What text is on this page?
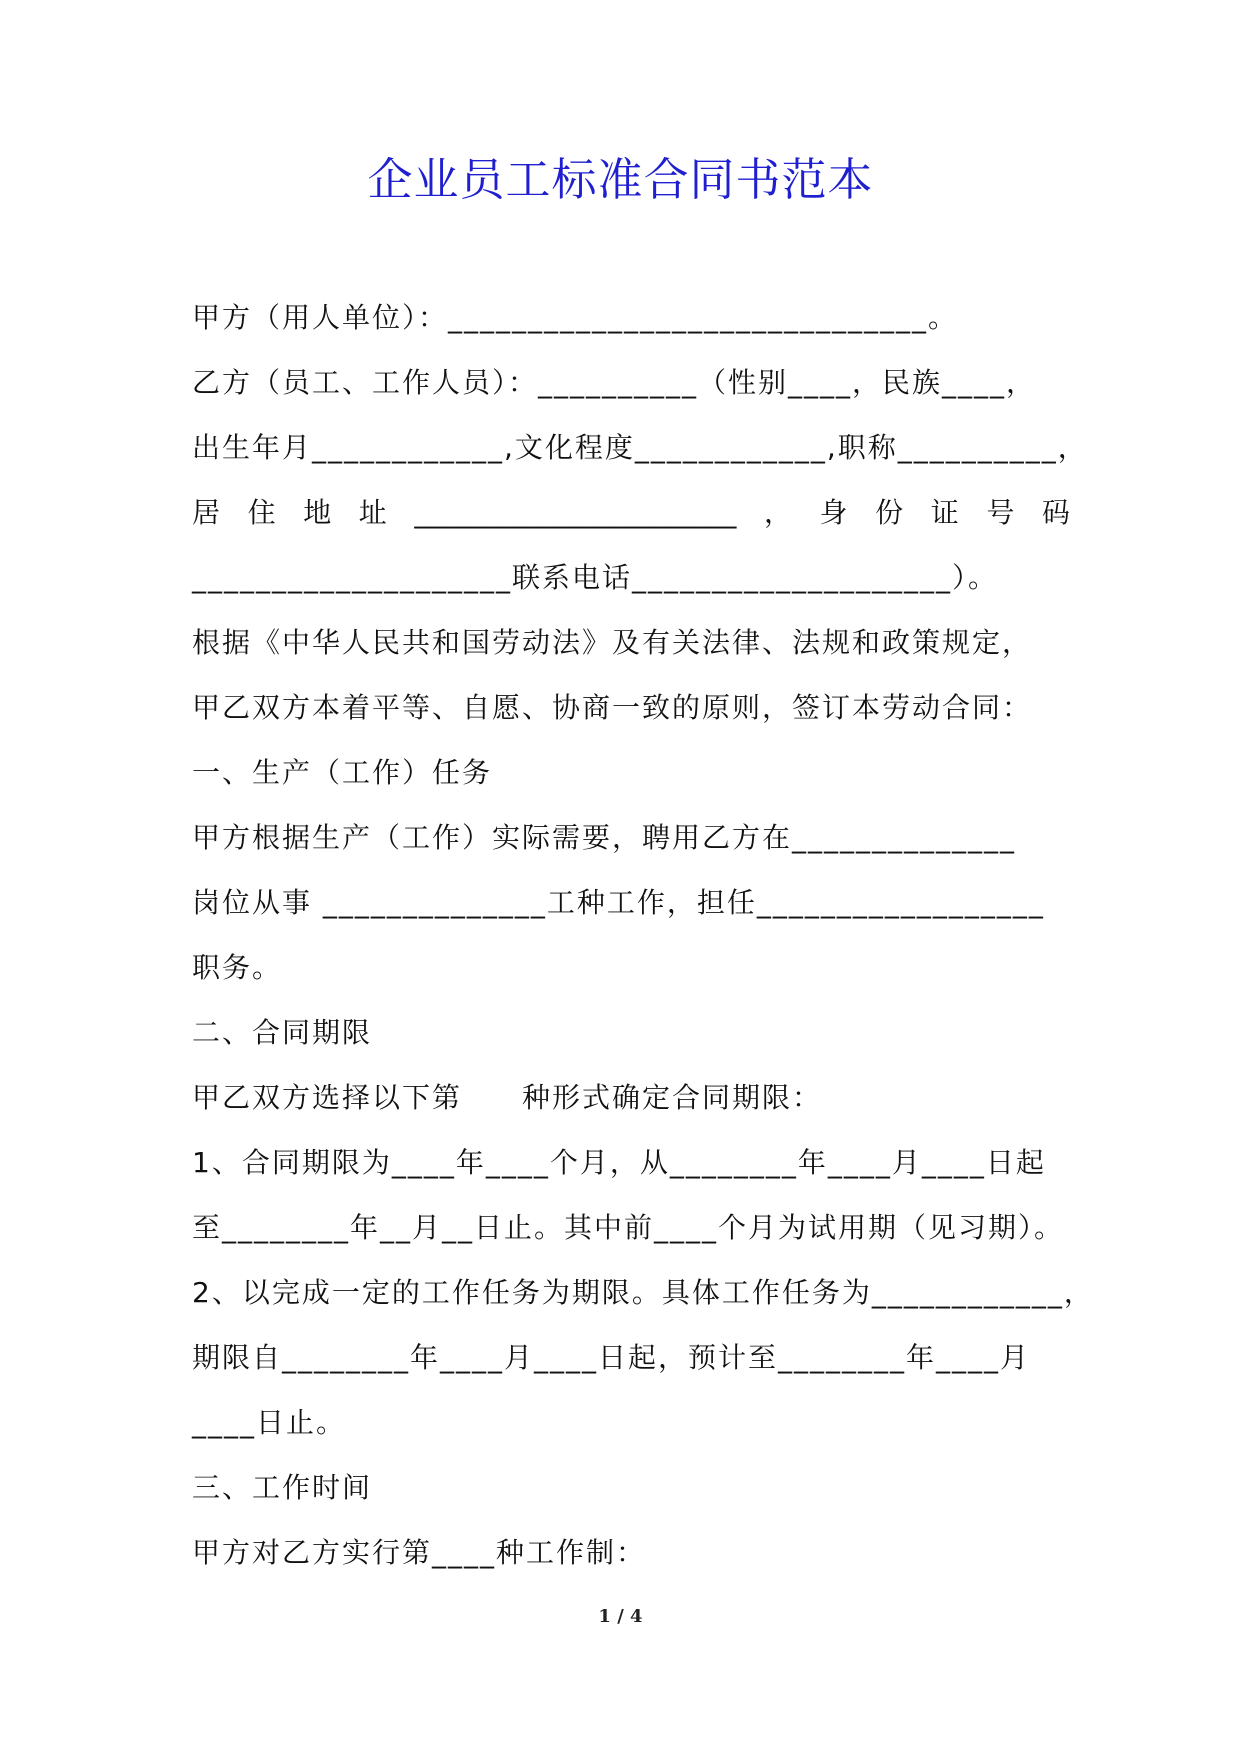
企业员工标准合同书范本
甲方（用人单位）：______________________________。
乙方（员工、工作人员）：__________（性别____，民族____，
出生年月____________,文化程度____________,职称__________，
居 住 地 址 _______________________ ， 身 份 证 号 码
____________________联系电话____________________）。
根据《中华人民共和国劳动法》及有关法律、法规和政策规定，
甲乙双方本着平等、自愿、协商一致的原则，签订本劳动合同：
一、生产（工作）任务
甲方根据生产（工作）实际需要，聘用乙方在______________
岗位从事 ______________工种工作，担任__________________
职务。
二、合同期限
甲乙双方选择以下第　　种形式确定合同期限：
1、合同期限为____年____个月，从________年____月____日起
至________年__月__日止。其中前____个月为试用期（见习期）。
2、以完成一定的工作任务为期限。具体工作任务为____________，
期限自________年____月____日起，预计至________年____月
____日止。
三、工作时间
甲方对乙方实行第____种工作制：
1 / 4
